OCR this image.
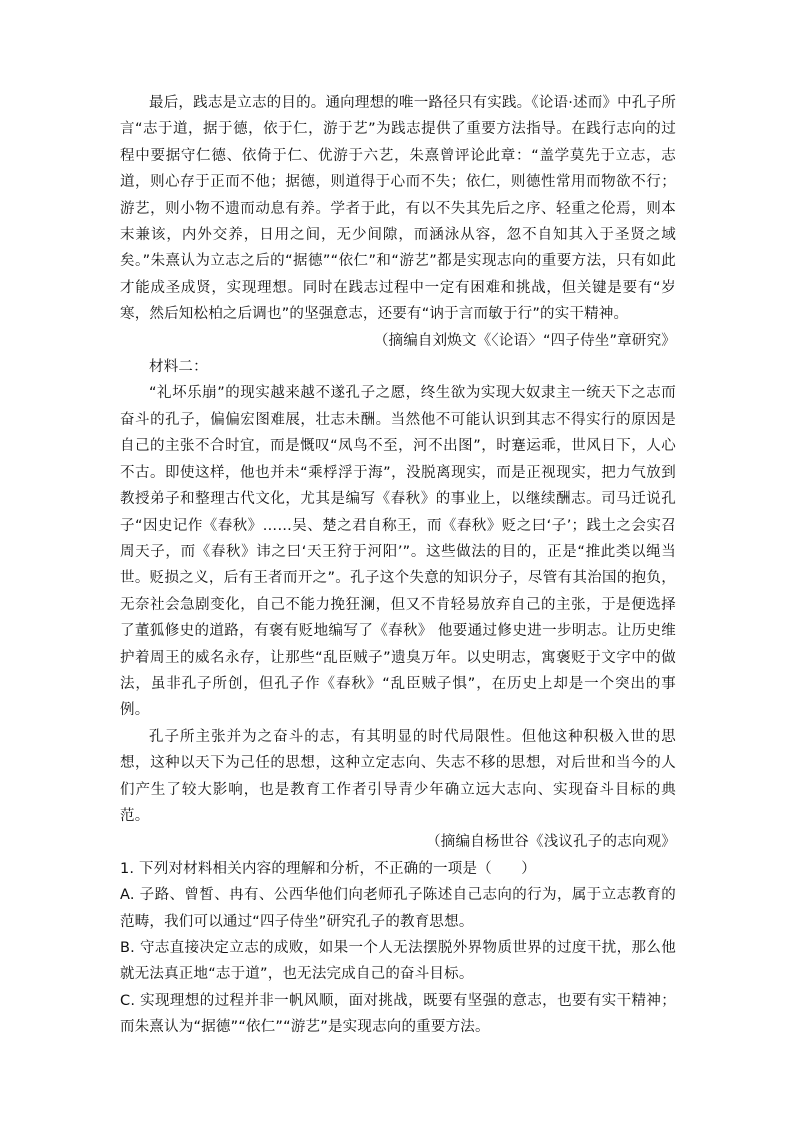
最后，践志是立志的目的。通向理想的唯一路径只有实践。《论语·述而》中孔子所言“志于道，据于德，依于仁，游于艺”为践志提供了重要方法指导。在践行志向的过程中要据守仁德、依倚于仁、优游于六艺，朱熹曾评论此章：“盖学莫先于立志，志道，则心存于正而不他；据德，则道得于心而不失；依仁，则德性常用而物欲不行；游艺，则小物不遗而动息有养。学者于此，有以不失其先后之序、轻重之伦焉，则本末兼该，内外交养，日用之间，无少间隙，而涵泳从容，忽不自知其入于圣贤之域矣。”朱熹认为立志之后的“据德”“依仁”和“游艺”都是实现志向的重要方法，只有如此才能成圣成贤，实现理想。同时在践志过程中一定有困难和挑战，但关键是要有“岁寒，然后知松柏之后调也”的坚强意志，还要有“讷于言而敏于行”的实干精神。

（摘编自刘焕文《〈论语〉“四子侍坐”章研究》

材料二：

“礼坏乐崩”的现实越来越不遂孔子之愿，终生欲为实现大奴隶主一统天下之志而奋斗的孔子，偏偏宏图难展，壮志未酬。当然他不可能认识到其志不得实行的原因是自己的主张不合时宜，而是慨叹“凤鸟不至，河不出图”，时蹇运乖，世风日下，人心不古。即使这样，他也并未“乘桴浮于海”，没脱离现实，而是正视现实，把力气放到教授弟子和整理古代文化，尤其是编写《春秋》的事业上，以继续酬志。司马迁说孔子“因史记作《春秋》……吴、楚之君自称王，而《春秋》贬之曰‘子’；践土之会实召周天子，而《春秋》讳之曰‘天王狩于河阳’”。这些做法的目的，正是“推此类以绳当世。贬损之义，后有王者而开之”。孔子这个失意的知识分子，尽管有其治国的抱负，无奈社会急剧变化，自己不能力挽狂澜，但又不肯轻易放弃自己的主张，于是便选择了董狐修史的道路，有褒有贬地编写了《春秋》 他要通过修史进一步明志。让历史维护着周王的威名永存，让那些“乱臣贼子”遗臭万年。以史明志，寓褒贬于文字中的做法，虽非孔子所创，但孔子作《春秋》“乱臣贼子惧”，在历史上却是一个突出的事例。

孔子所主张并为之奋斗的志，有其明显的时代局限性。但他这种积极入世的思想，这种以天下为己任的思想，这种立定志向、失志不移的思想，对后世和当今的人们产生了较大影响，也是教育工作者引导青少年确立远大志向、实现奋斗目标的典范。

（摘编自杨世谷《浅议孔子的志向观》

1. 下列对材料相关内容的理解和分析，不正确的一项是（　　）

A. 子路、曾皙、冉有、公西华他们向老师孔子陈述自己志向的行为，属于立志教育的范畴，我们可以通过“四子侍坐”研究孔子的教育思想。

B. 守志直接决定立志的成败，如果一个人无法摆脱外界物质世界的过度干扰，那么他就无法真正地“志于道”，也无法完成自己的奋斗目标。

C. 实现理想的过程并非一帆风顺，面对挑战，既要有坚强的意志，也要有实干精神；而朱熹认为“据德”“依仁”“游艺”是实现志向的重要方法。
